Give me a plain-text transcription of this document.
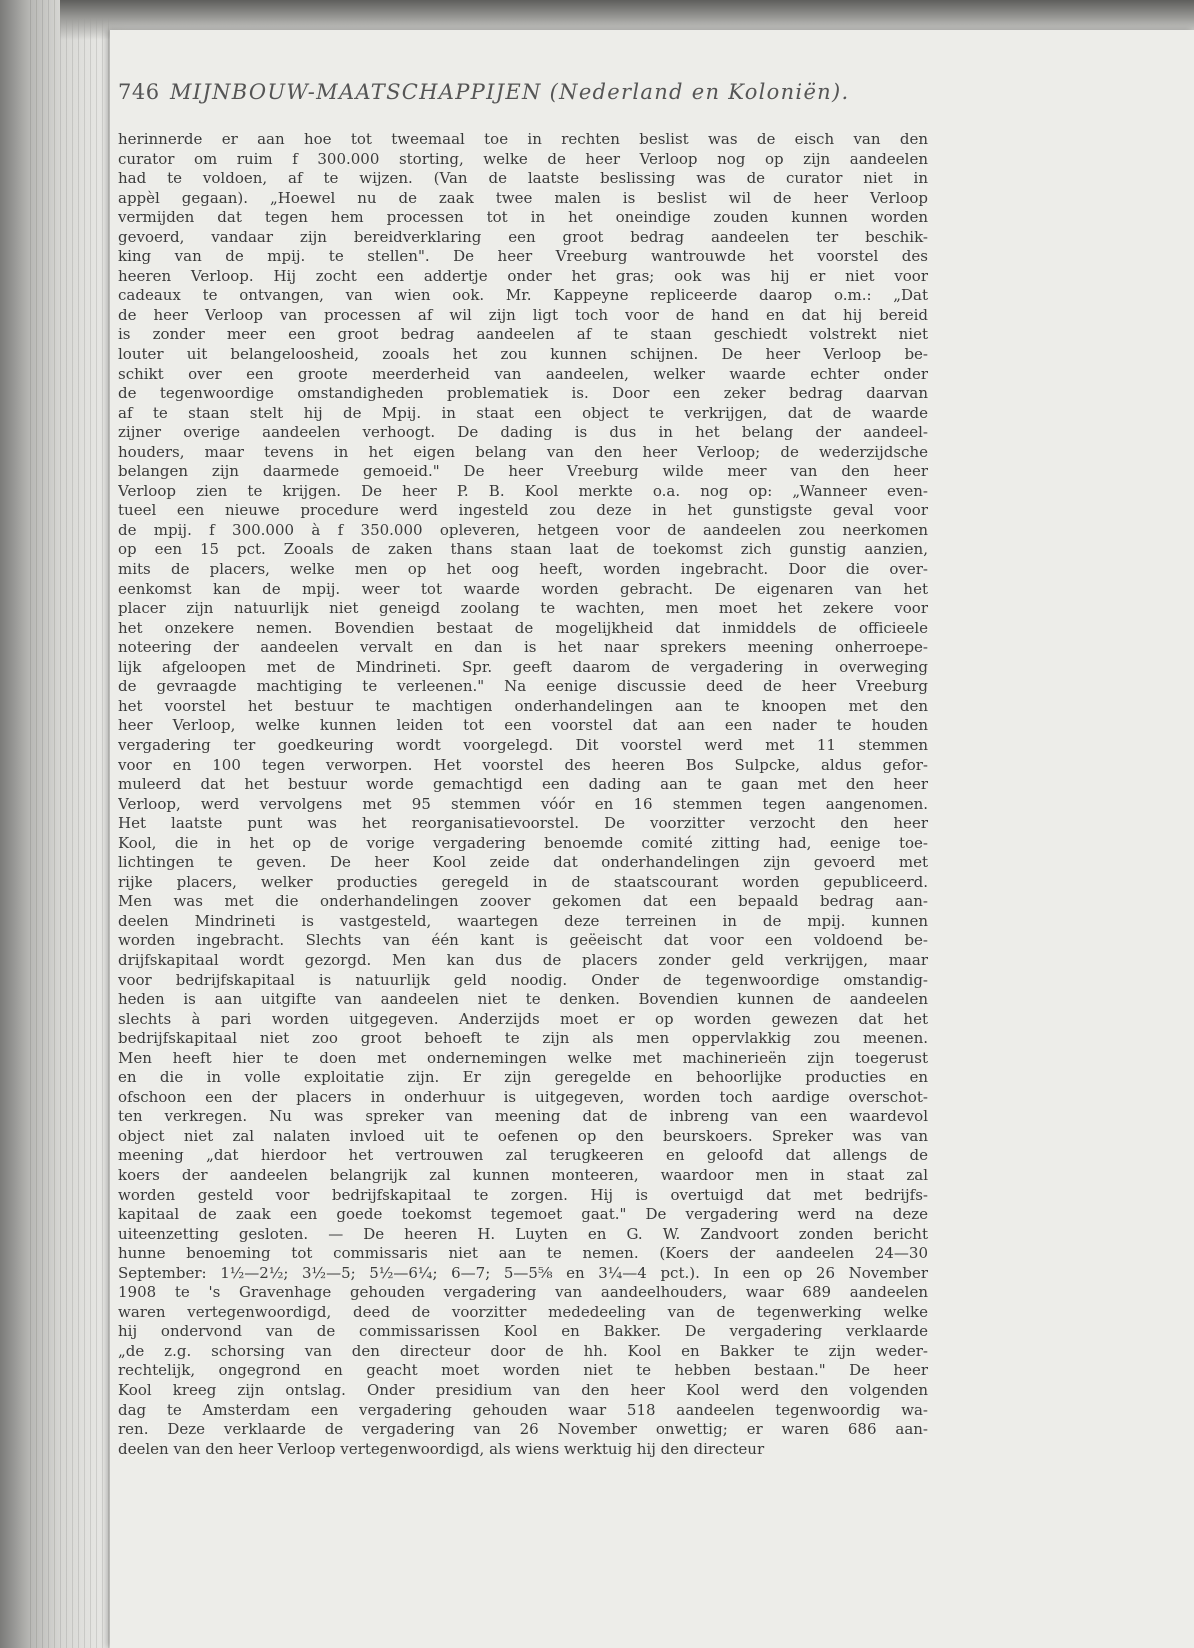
746 MIJNBOUW-MAATSCHAPPIJEN (Nederland en Koloniën).
herinnerde er aan hoe tot tweemaal toe in rechten beslist was de eisch van den
curator om ruim f 300.000 storting, welke de heer Verloop nog op zijn aandeelen
had te voldoen, af te wijzen. (Van de laatste beslissing was de curator niet in
appèl gegaan). „Hoewel nu de zaak twee malen is beslist wil de heer Verloop
vermijden dat tegen hem processen tot in het oneindige zouden kunnen worden
gevoerd, vandaar zijn bereidverklaring een groot bedrag aandeelen ter beschik-
king van de mpij. te stellen". De heer Vreeburg wantrouwde het voorstel des
heeren Verloop. Hij zocht een addertje onder het gras; ook was hij er niet voor
cadeaux te ontvangen, van wien ook. Mr. Kappeyne repliceerde daarop o.m.: „Dat
de heer Verloop van processen af wil zijn ligt toch voor de hand en dat hij bereid
is zonder meer een groot bedrag aandeelen af te staan geschiedt volstrekt niet
louter uit belangeloosheid, zooals het zou kunnen schijnen. De heer Verloop be-
schikt over een groote meerderheid van aandeelen, welker waarde echter onder
de tegenwoordige omstandigheden problematiek is. Door een zeker bedrag daarvan
af te staan stelt hij de Mpij. in staat een object te verkrijgen, dat de waarde
zijner overige aandeelen verhoogt. De dading is dus in het belang der aandeel-
houders, maar tevens in het eigen belang van den heer Verloop; de wederzijdsche
belangen zijn daarmede gemoeid." De heer Vreeburg wilde meer van den heer
Verloop zien te krijgen. De heer P. B. Kool merkte o.a. nog op: „Wanneer even-
tueel een nieuwe procedure werd ingesteld zou deze in het gunstigste geval voor
de mpij. f 300.000 à f 350.000 opleveren, hetgeen voor de aandeelen zou neerkomen
op een 15 pct. Zooals de zaken thans staan laat de toekomst zich gunstig aanzien,
mits de placers, welke men op het oog heeft, worden ingebracht. Door die over-
eenkomst kan de mpij. weer tot waarde worden gebracht. De eigenaren van het
placer zijn natuurlijk niet geneigd zoolang te wachten, men moet het zekere voor
het onzekere nemen. Bovendien bestaat de mogelijkheid dat inmiddels de officieele
noteering der aandeelen vervalt en dan is het naar sprekers meening onherroepe-
lijk afgeloopen met de Mindrineti. Spr. geeft daarom de vergadering in overweging
de gevraagde machtiging te verleenen." Na eenige discussie deed de heer Vreeburg
het voorstel het bestuur te machtigen onderhandelingen aan te knoopen met den
heer Verloop, welke kunnen leiden tot een voorstel dat aan een nader te houden
vergadering ter goedkeuring wordt voorgelegd. Dit voorstel werd met 11 stemmen
voor en 100 tegen verworpen. Het voorstel des heeren Bos Sulpcke, aldus gefor-
muleerd dat het bestuur worde gemachtigd een dading aan te gaan met den heer
Verloop, werd vervolgens met 95 stemmen vóór en 16 stemmen tegen aangenomen.
Het laatste punt was het reorganisatievoorstel. De voorzitter verzocht den heer
Kool, die in het op de vorige vergadering benoemde comité zitting had, eenige toe-
lichtingen te geven. De heer Kool zeide dat onderhandelingen zijn gevoerd met
rijke placers, welker producties geregeld in de staatscourant worden gepubliceerd.
Men was met die onderhandelingen zoover gekomen dat een bepaald bedrag aan-
deelen Mindrineti is vastgesteld, waartegen deze terreinen in de mpij. kunnen
worden ingebracht. Slechts van één kant is geëeischt dat voor een voldoend be-
drijfskapitaal wordt gezorgd. Men kan dus de placers zonder geld verkrijgen, maar
voor bedrijfskapitaal is natuurlijk geld noodig. Onder de tegenwoordige omstandig-
heden is aan uitgifte van aandeelen niet te denken. Bovendien kunnen de aandeelen
slechts à pari worden uitgegeven. Anderzijds moet er op worden gewezen dat het
bedrijfskapitaal niet zoo groot behoeft te zijn als men oppervlakkig zou meenen.
Men heeft hier te doen met ondernemingen welke met machinerieën zijn toegerust
en die in volle exploitatie zijn. Er zijn geregelde en behoorlijke producties en
ofschoon een der placers in onderhuur is uitgegeven, worden toch aardige overschot-
ten verkregen. Nu was spreker van meening dat de inbreng van een waardevol
object niet zal nalaten invloed uit te oefenen op den beurskoers. Spreker was van
meening „dat hierdoor het vertrouwen zal terugkeeren en geloofd dat allengs de
koers der aandeelen belangrijk zal kunnen monteeren, waardoor men in staat zal
worden gesteld voor bedrijfskapitaal te zorgen. Hij is overtuigd dat met bedrijfs-
kapitaal de zaak een goede toekomst tegemoet gaat." De vergadering werd na deze
uiteenzetting gesloten. — De heeren H. Luyten en G. W. Zandvoort zonden bericht
hunne benoeming tot commissaris niet aan te nemen. (Koers der aandeelen 24—30
September: 1½—2½; 3½—5; 5½—6¼; 6—7; 5—5⅝ en 3¼—4 pct.). In een op 26 November
1908 te 's Gravenhage gehouden vergadering van aandeelhouders, waar 689 aandeelen
waren vertegenwoordigd, deed de voorzitter mededeeling van de tegenwerking welke
hij ondervond van de commissarissen Kool en Bakker. De vergadering verklaarde
„de z.g. schorsing van den directeur door de hh. Kool en Bakker te zijn weder-
rechtelijk, ongegrond en geacht moet worden niet te hebben bestaan." De heer
Kool kreeg zijn ontslag. Onder presidium van den heer Kool werd den volgenden
dag te Amsterdam een vergadering gehouden waar 518 aandeelen tegenwoordig wa-
ren. Deze verklaarde de vergadering van 26 November onwettig; er waren 686 aan-
deelen van den heer Verloop vertegenwoordigd, als wiens werktuig hij den directeur
